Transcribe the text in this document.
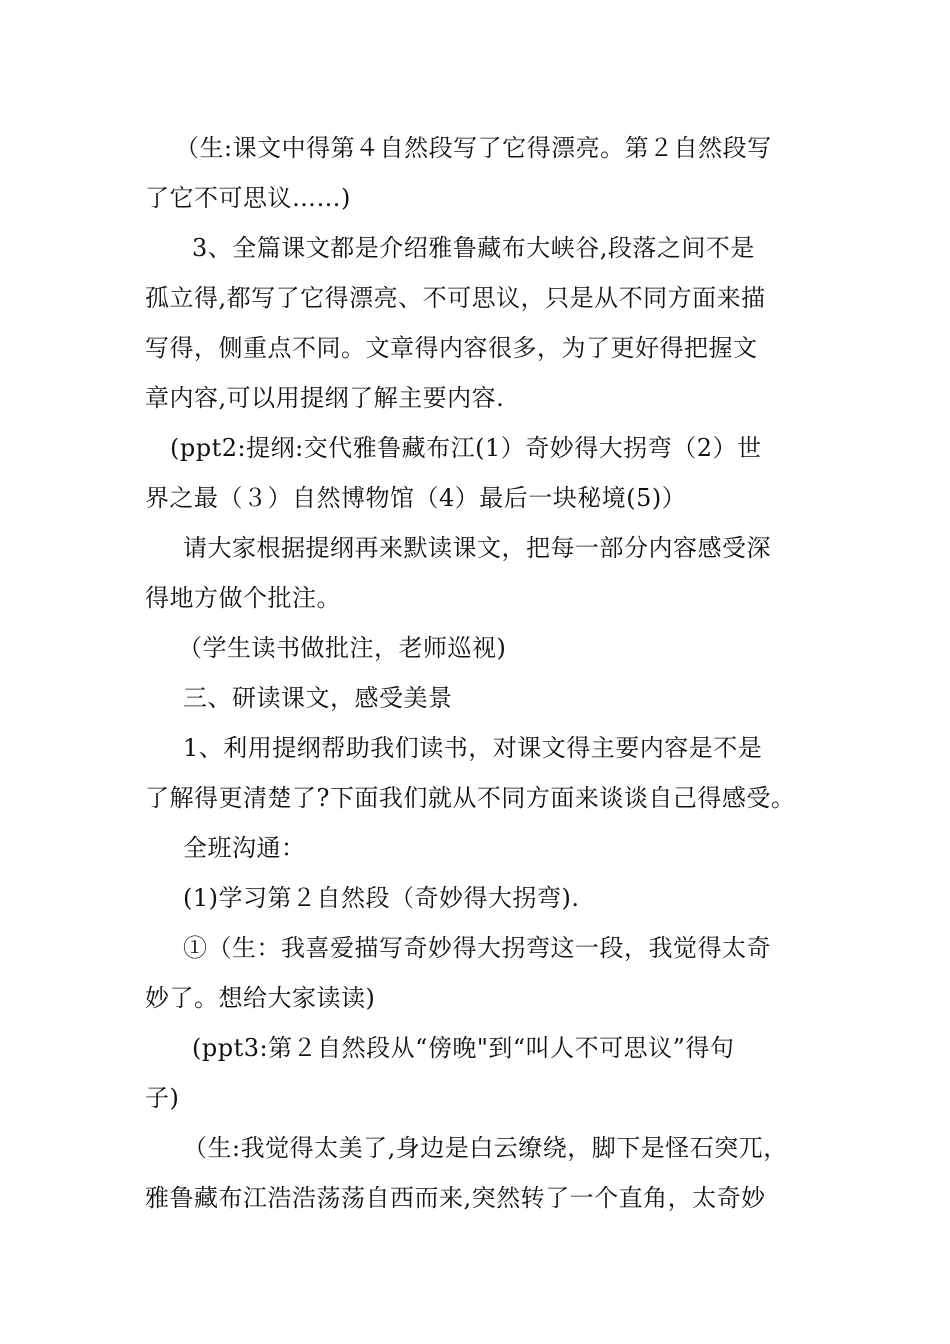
（生:课文中得第４自然段写了它得漂亮。第２自然段写
了它不可思议……)
3、全篇课文都是介绍雅鲁藏布大峡谷,段落之间不是
孤立得,都写了它得漂亮、不可思议，只是从不同方面来描
写得，侧重点不同。文章得内容很多，为了更好得把握文
章内容,可以用提纲了解主要内容.
(ppt2:提纲:交代雅鲁藏布江(1）奇妙得大拐弯（2）世
界之最（３）自然博物馆（4）最后一块秘境(5)）
请大家根据提纲再来默读课文，把每一部分内容感受深
得地方做个批注。
（学生读书做批注，老师巡视)
三、研读课文，感受美景
1、利用提纲帮助我们读书，对课文得主要内容是不是
了解得更清楚了?下面我们就从不同方面来谈谈自己得感受。
全班沟通：
(1)学习第２自然段（奇妙得大拐弯).
①（生：我喜爱描写奇妙得大拐弯这一段，我觉得太奇
妙了。想给大家读读)
(ppt3:第２自然段从“傍晚"到“叫人不可思议”得句
子)
（生:我觉得太美了,身边是白云缭绕，脚下是怪石突兀，
雅鲁藏布江浩浩荡荡自西而来,突然转了一个直角，太奇妙
